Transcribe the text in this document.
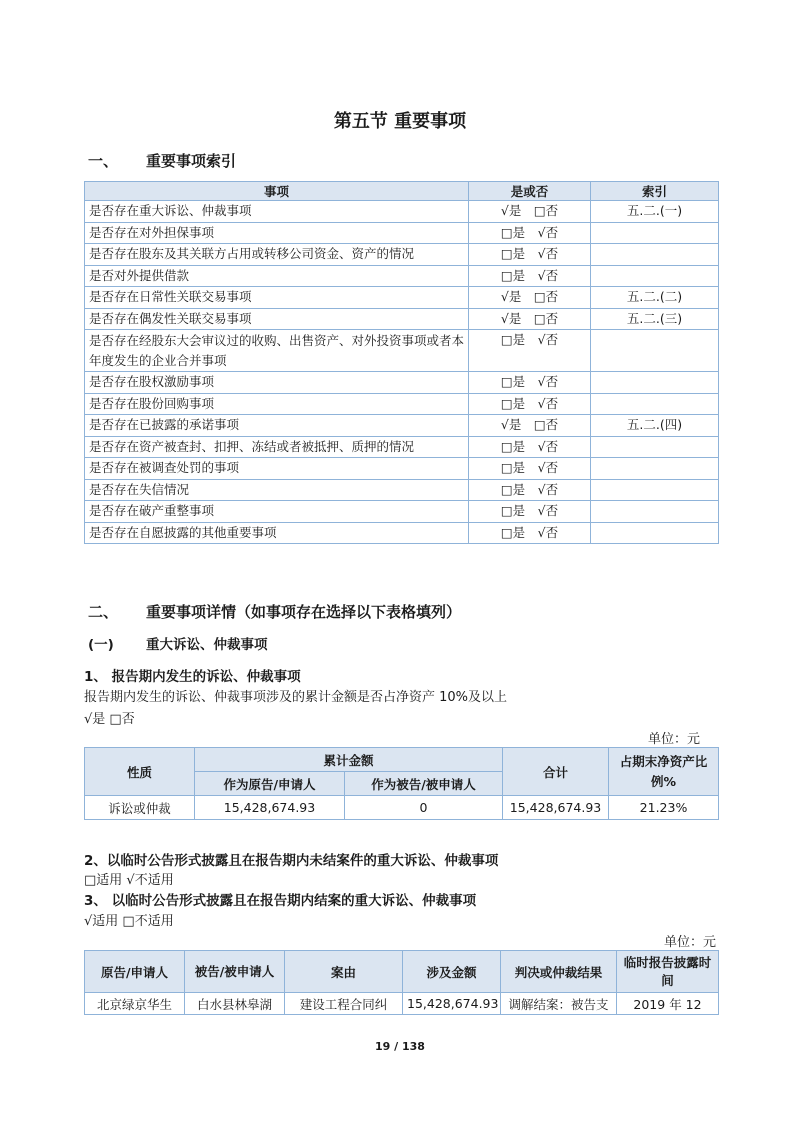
第五节 重要事项
一、 重要事项索引
事项	是或否	索引
是否存在重大诉讼、仲裁事项	√是　□否	五.二.(一)
是否存在对外担保事项	□是　√否	
是否存在股东及其关联方占用或转移公司资金、资产的情况	□是　√否	
是否对外提供借款	□是　√否	
是否存在日常性关联交易事项	√是　□否	五.二.(二)
是否存在偶发性关联交易事项	√是　□否	五.二.(三)
是否存在经股东大会审议过的收购、出售资产、对外投资事项或者本年度发生的企业合并事项	□是　√否	
是否存在股权激励事项	□是　√否	
是否存在股份回购事项	□是　√否	
是否存在已披露的承诺事项	√是　□否	五.二.(四)
是否存在资产被查封、扣押、冻结或者被抵押、质押的情况	□是　√否	
是否存在被调查处罚的事项	□是　√否	
是否存在失信情况	□是　√否	
是否存在破产重整事项	□是　√否	
是否存在自愿披露的其他重要事项	□是　√否	
二、 重要事项详情（如事项存在选择以下表格填列）
(一) 重大诉讼、仲裁事项
1、 报告期内发生的诉讼、仲裁事项
报告期内发生的诉讼、仲裁事项涉及的累计金额是否占净资产 10%及以上
√是 □否
单位：元
性质	累计金额		合计	占期末净资产比例%
	作为原告/申请人	作为被告/被申请人		
诉讼或仲裁	15,428,674.93	0	15,428,674.93	21.23%
2、以临时公告形式披露且在报告期内未结案件的重大诉讼、仲裁事项
□适用 √不适用
3、 以临时公告形式披露且在报告期内结案的重大诉讼、仲裁事项
√适用 □不适用
单位：元
原告/申请人	被告/被申请人	案由	涉及金额	判决或仲裁结果	临时报告披露时间
北京绿京华生	白水县林皋湖	建设工程合同纠	15,428,674.93	调解结案：被告支	2019 年 12
19 / 138
